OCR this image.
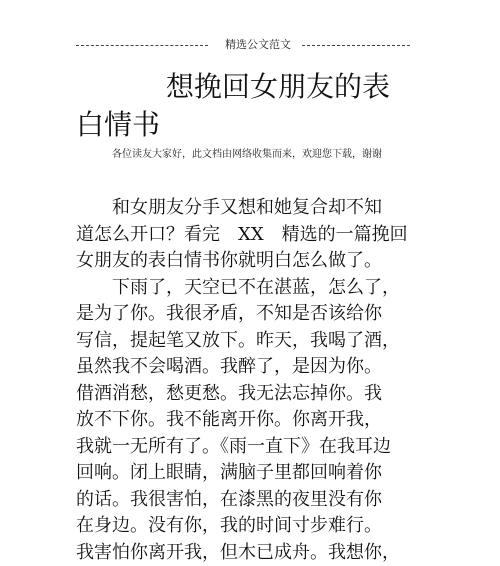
精选公文范文
想挽回女朋友的表白情书
各位读友大家好，此文档由网络收集而来，欢迎您下载，谢谢
和女朋友分手又想和她复合却不知
道怎么开口？看完　XX　精选的一篇挽回
女朋友的表白情书你就明白怎么做了。
下雨了，天空已不在湛蓝，怎么了，
是为了你。我很矛盾，不知是否该给你
写信，提起笔又放下。昨天，我喝了酒，
虽然我不会喝酒。我醉了，是因为你。
借酒消愁，愁更愁。我无法忘掉你。我
放不下你。我不能离开你。你离开我，
我就一无所有了。《雨一直下》在我耳边
回响。闭上眼睛，满脑子里都回响着你
的话。我很害怕，在漆黑的夜里没有你
在身边。没有你，我的时间寸步难行。
我害怕你离开我，但木已成舟。我想你，
